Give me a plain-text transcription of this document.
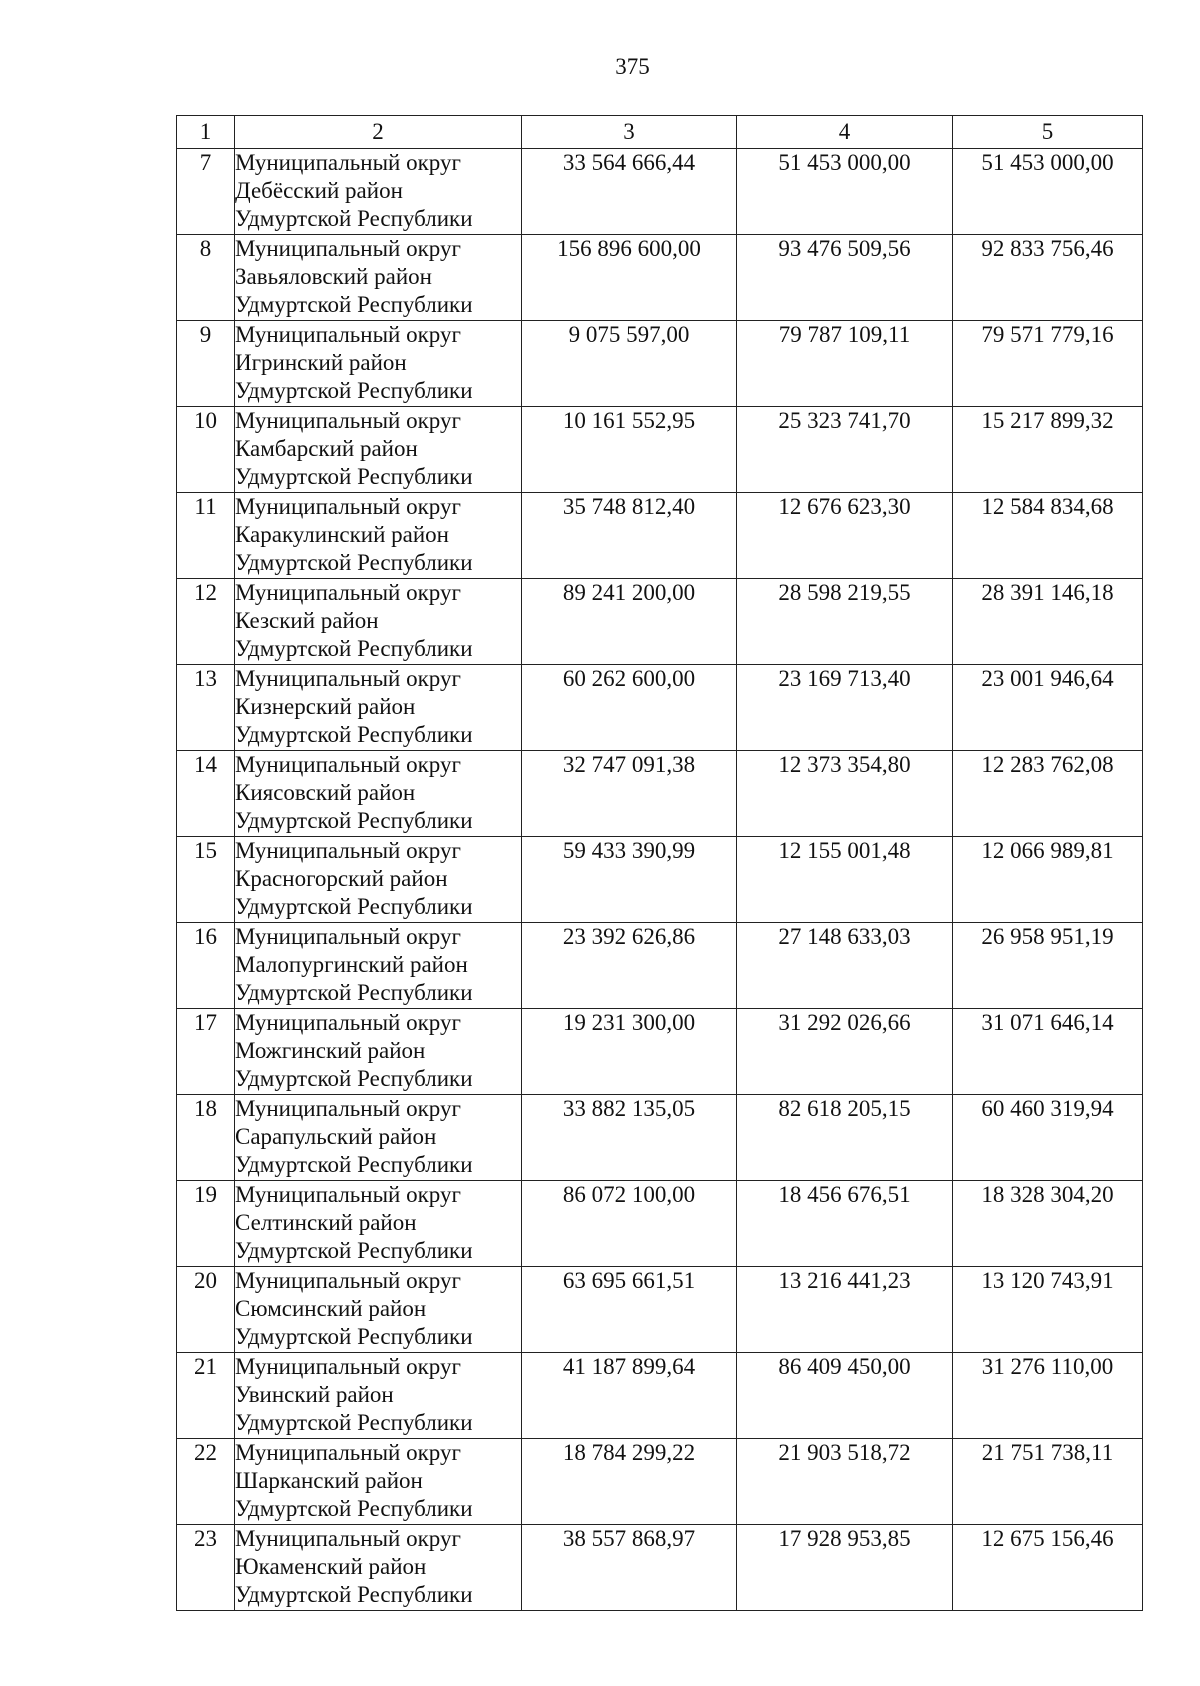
375
1	2	3	4	5
7	Муниципальный округ
Дебёсский район
Удмуртской Республики	33 564 666,44	51 453 000,00	51 453 000,00
8	Муниципальный округ
Завьяловский район
Удмуртской Республики	156 896 600,00	93 476 509,56	92 833 756,46
9	Муниципальный округ
Игринский район
Удмуртской Республики	9 075 597,00	79 787 109,11	79 571 779,16
10	Муниципальный округ
Камбарский район
Удмуртской Республики	10 161 552,95	25 323 741,70	15 217 899,32
11	Муниципальный округ
Каракулинский район
Удмуртской Республики	35 748 812,40	12 676 623,30	12 584 834,68
12	Муниципальный округ
Кезский район
Удмуртской Республики	89 241 200,00	28 598 219,55	28 391 146,18
13	Муниципальный округ
Кизнерский район
Удмуртской Республики	60 262 600,00	23 169 713,40	23 001 946,64
14	Муниципальный округ
Киясовский район
Удмуртской Республики	32 747 091,38	12 373 354,80	12 283 762,08
15	Муниципальный округ
Красногорский район
Удмуртской Республики	59 433 390,99	12 155 001,48	12 066 989,81
16	Муниципальный округ
Малопургинский район
Удмуртской Республики	23 392 626,86	27 148 633,03	26 958 951,19
17	Муниципальный округ
Можгинский район
Удмуртской Республики	19 231 300,00	31 292 026,66	31 071 646,14
18	Муниципальный округ
Сарапульский район
Удмуртской Республики	33 882 135,05	82 618 205,15	60 460 319,94
19	Муниципальный округ
Селтинский район
Удмуртской Республики	86 072 100,00	18 456 676,51	18 328 304,20
20	Муниципальный округ
Сюмсинский район
Удмуртской Республики	63 695 661,51	13 216 441,23	13 120 743,91
21	Муниципальный округ
Увинский район
Удмуртской Республики	41 187 899,64	86 409 450,00	31 276 110,00
22	Муниципальный округ
Шарканский район
Удмуртской Республики	18 784 299,22	21 903 518,72	21 751 738,11
23	Муниципальный округ
Юкаменский район
Удмуртской Республики	38 557 868,97	17 928 953,85	12 675 156,46
